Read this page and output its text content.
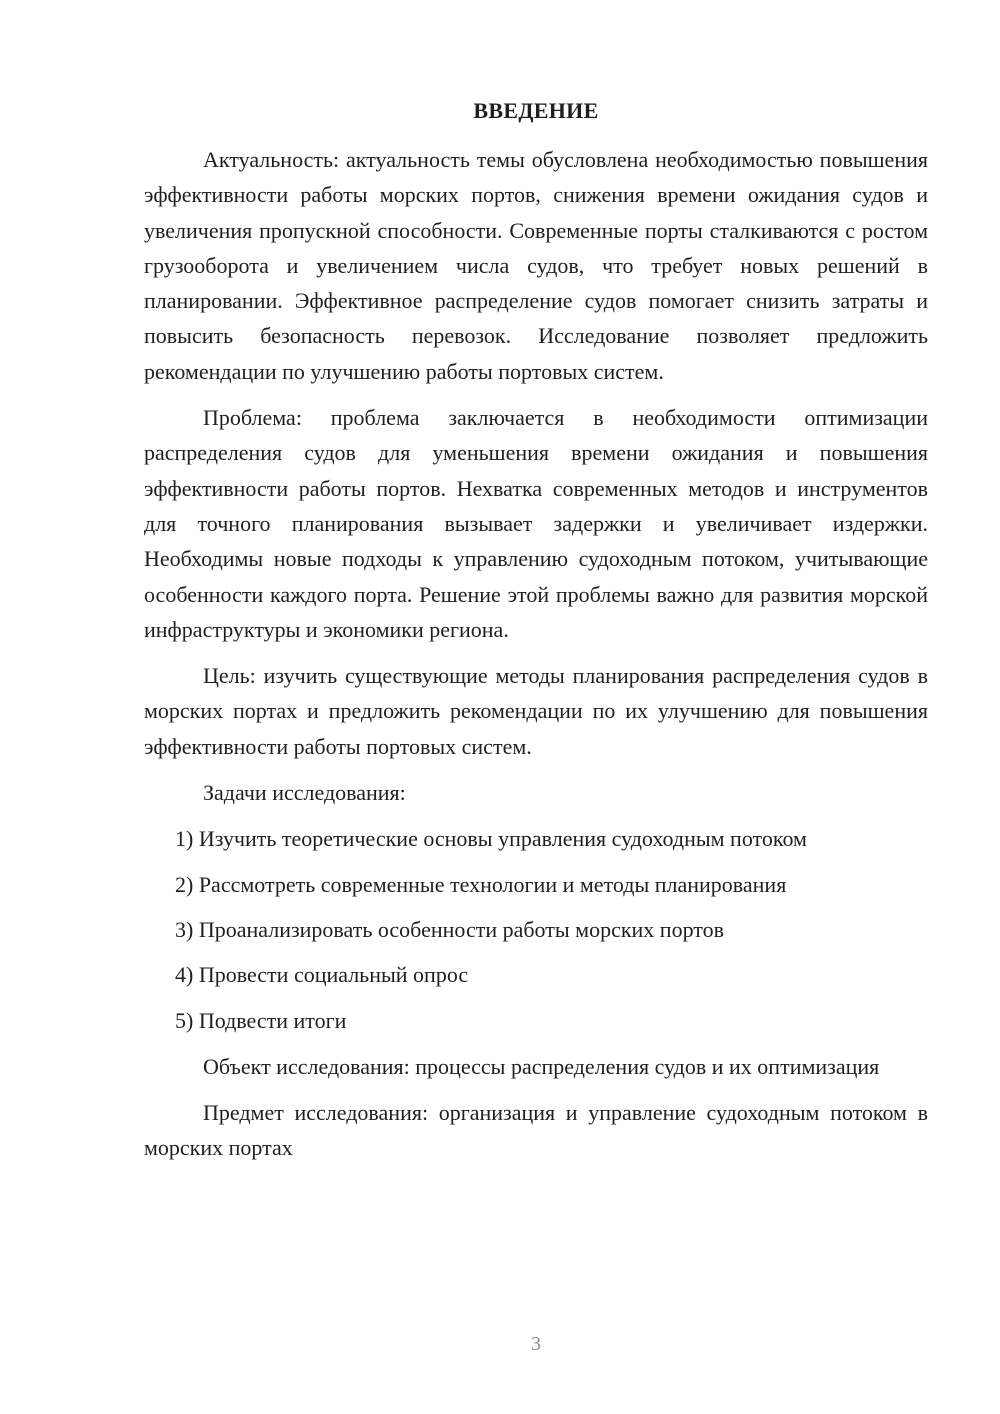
ВВЕДЕНИЕ

Актуальность: актуальность темы обусловлена необходимостью повышения эффективности работы морских портов, снижения времени ожидания судов и увеличения пропускной способности. Современные порты сталкиваются с ростом грузооборота и увеличением числа судов, что требует новых решений в планировании. Эффективное распределение судов помогает снизить затраты и повысить безопасность перевозок. Исследование позволяет предложить рекомендации по улучшению работы портовых систем.

Проблема: проблема заключается в необходимости оптимизации распределения судов для уменьшения времени ожидания и повышения эффективности работы портов. Нехватка современных методов и инструментов для точного планирования вызывает задержки и увеличивает издержки. Необходимы новые подходы к управлению судоходным потоком, учитывающие особенности каждого порта. Решение этой проблемы важно для развития морской инфраструктуры и экономики региона.

Цель: изучить существующие методы планирования распределения судов в морских портах и предложить рекомендации по их улучшению для повышения эффективности работы портовых систем.

Задачи исследования:

1) Изучить теоретические основы управления судоходным потоком
2) Рассмотреть современные технологии и методы планирования
3) Проанализировать особенности работы морских портов
4) Провести социальный опрос
5) Подвести итоги

Объект исследования: процессы распределения судов и их оптимизация

Предмет исследования: организация и управление судоходным потоком в морских портах

3
